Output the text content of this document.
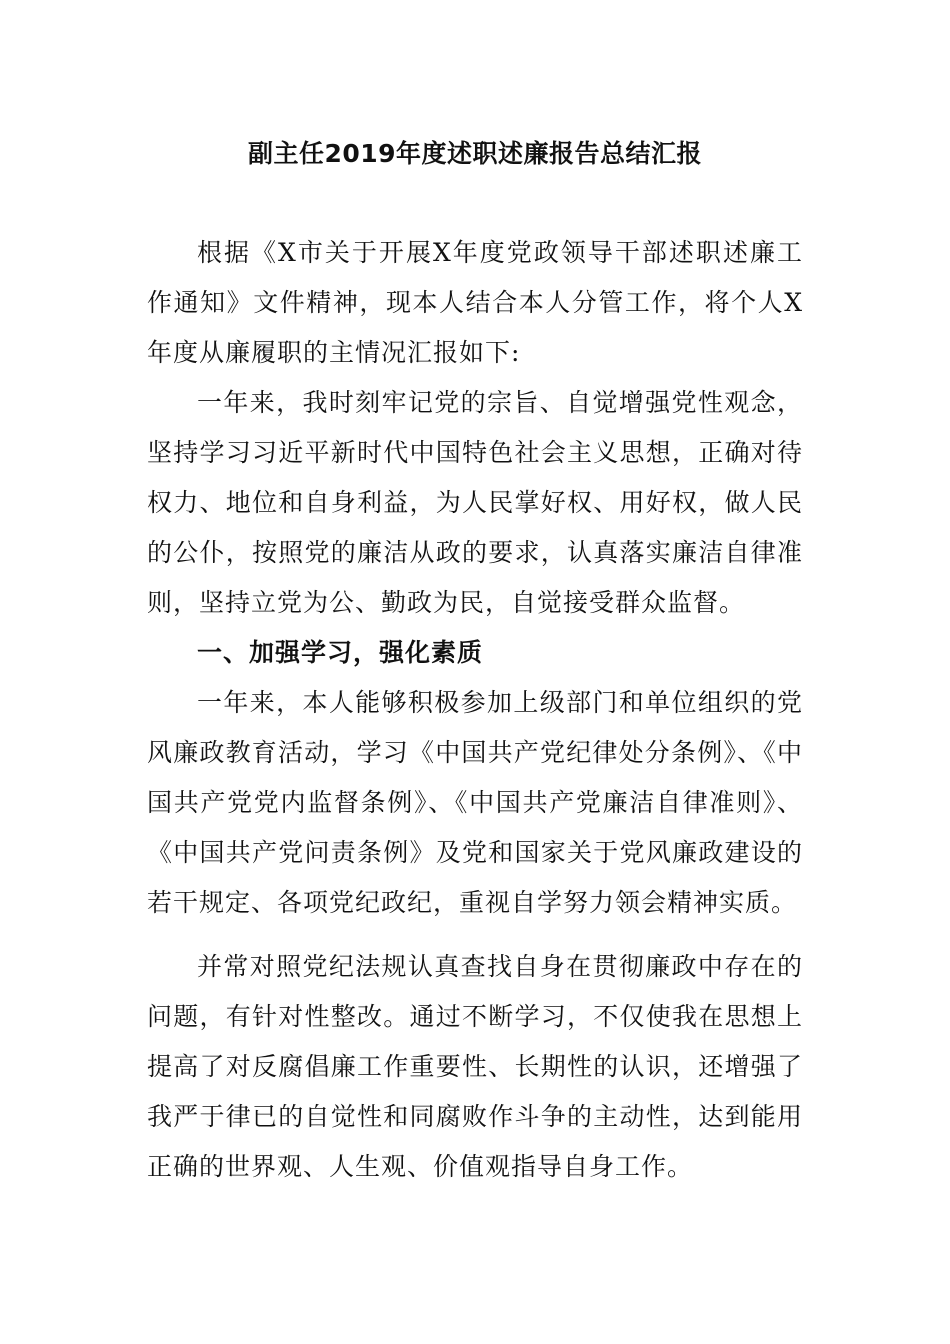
副主任2019年度述职述廉报告总结汇报

根据《X市关于开展X年度党政领导干部述职述廉工作通知》文件精神，现本人结合本人分管工作，将个人X年度从廉履职的主情况汇报如下:

一年来，我时刻牢记党的宗旨、自觉增强党性观念，坚持学习习近平新时代中国特色社会主义思想，正确对待权力、地位和自身利益，为人民掌好权、用好权，做人民的公仆，按照党的廉洁从政的要求，认真落实廉洁自律准则，坚持立党为公、勤政为民，自觉接受群众监督。

一、加强学习，强化素质

一年来，本人能够积极参加上级部门和单位组织的党风廉政教育活动，学习《中国共产党纪律处分条例》、《中国共产党党内监督条例》、《中国共产党廉洁自律准则》、《中国共产党问责条例》及党和国家关于党风廉政建设的若干规定、各项党纪政纪，重视自学努力领会精神实质。

并常对照党纪法规认真查找自身在贯彻廉政中存在的问题，有针对性整改。通过不断学习，不仅使我在思想上提高了对反腐倡廉工作重要性、长期性的认识，还增强了我严于律已的自觉性和同腐败作斗争的主动性，达到能用正确的世界观、人生观、价值观指导自身工作。
